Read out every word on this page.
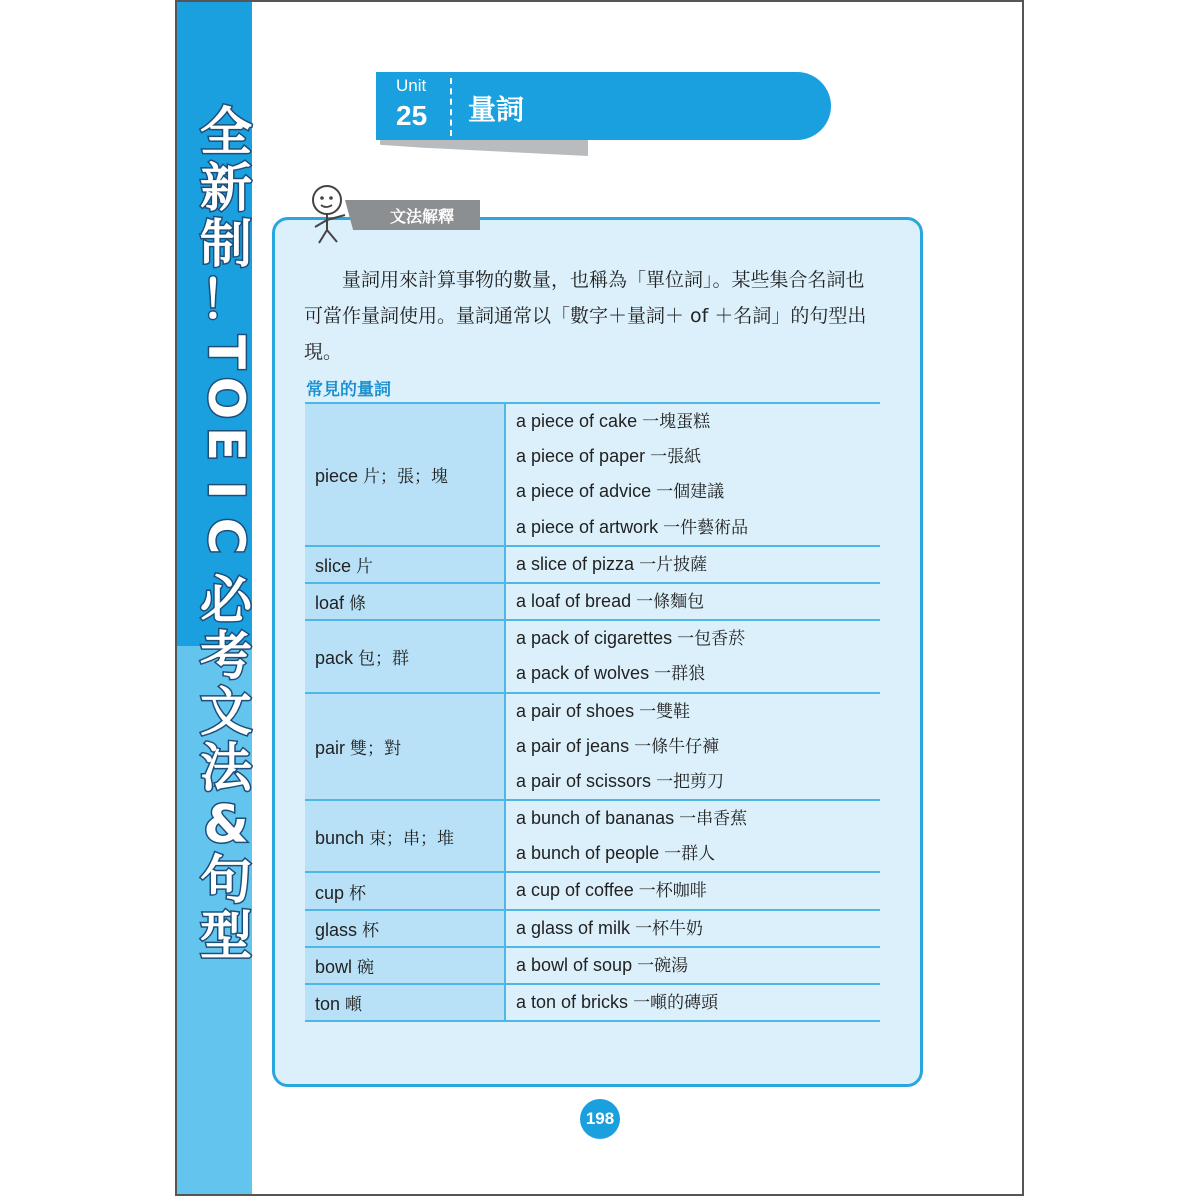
全
新
制
！
T
O
E
I
C
必
考
文
法
&
句
型
Unit
25 量詞
文法解釋

量詞用來計算事物的數量，也稱為「單位詞」。某些集合名詞也

可當作量詞使用。量詞通常以「數字＋量詞＋ of ＋名詞」的句型出現。

常見的量詞
piece 片；張；塊	a piece of cake 一塊蛋糕
a piece of paper 一張紙
a piece of advice 一個建議
a piece of artwork 一件藝術品

slice 片	a slice of pizza 一片披薩

loaf 條	a loaf of bread 一條麵包

pack 包；群	a pack of cigarettes 一包香菸
a pack of wolves 一群狼

pair 雙；對	a pair of shoes 一雙鞋
a pair of jeans 一條牛仔褲
a pair of scissors 一把剪刀

bunch 束；串；堆	a bunch of bananas 一串香蕉
a bunch of people 一群人

cup 杯	a cup of coffee 一杯咖啡

glass 杯	a glass of milk 一杯牛奶

bowl 碗	a bowl of soup 一碗湯

ton 噸	a ton of bricks 一噸的磚頭
198
